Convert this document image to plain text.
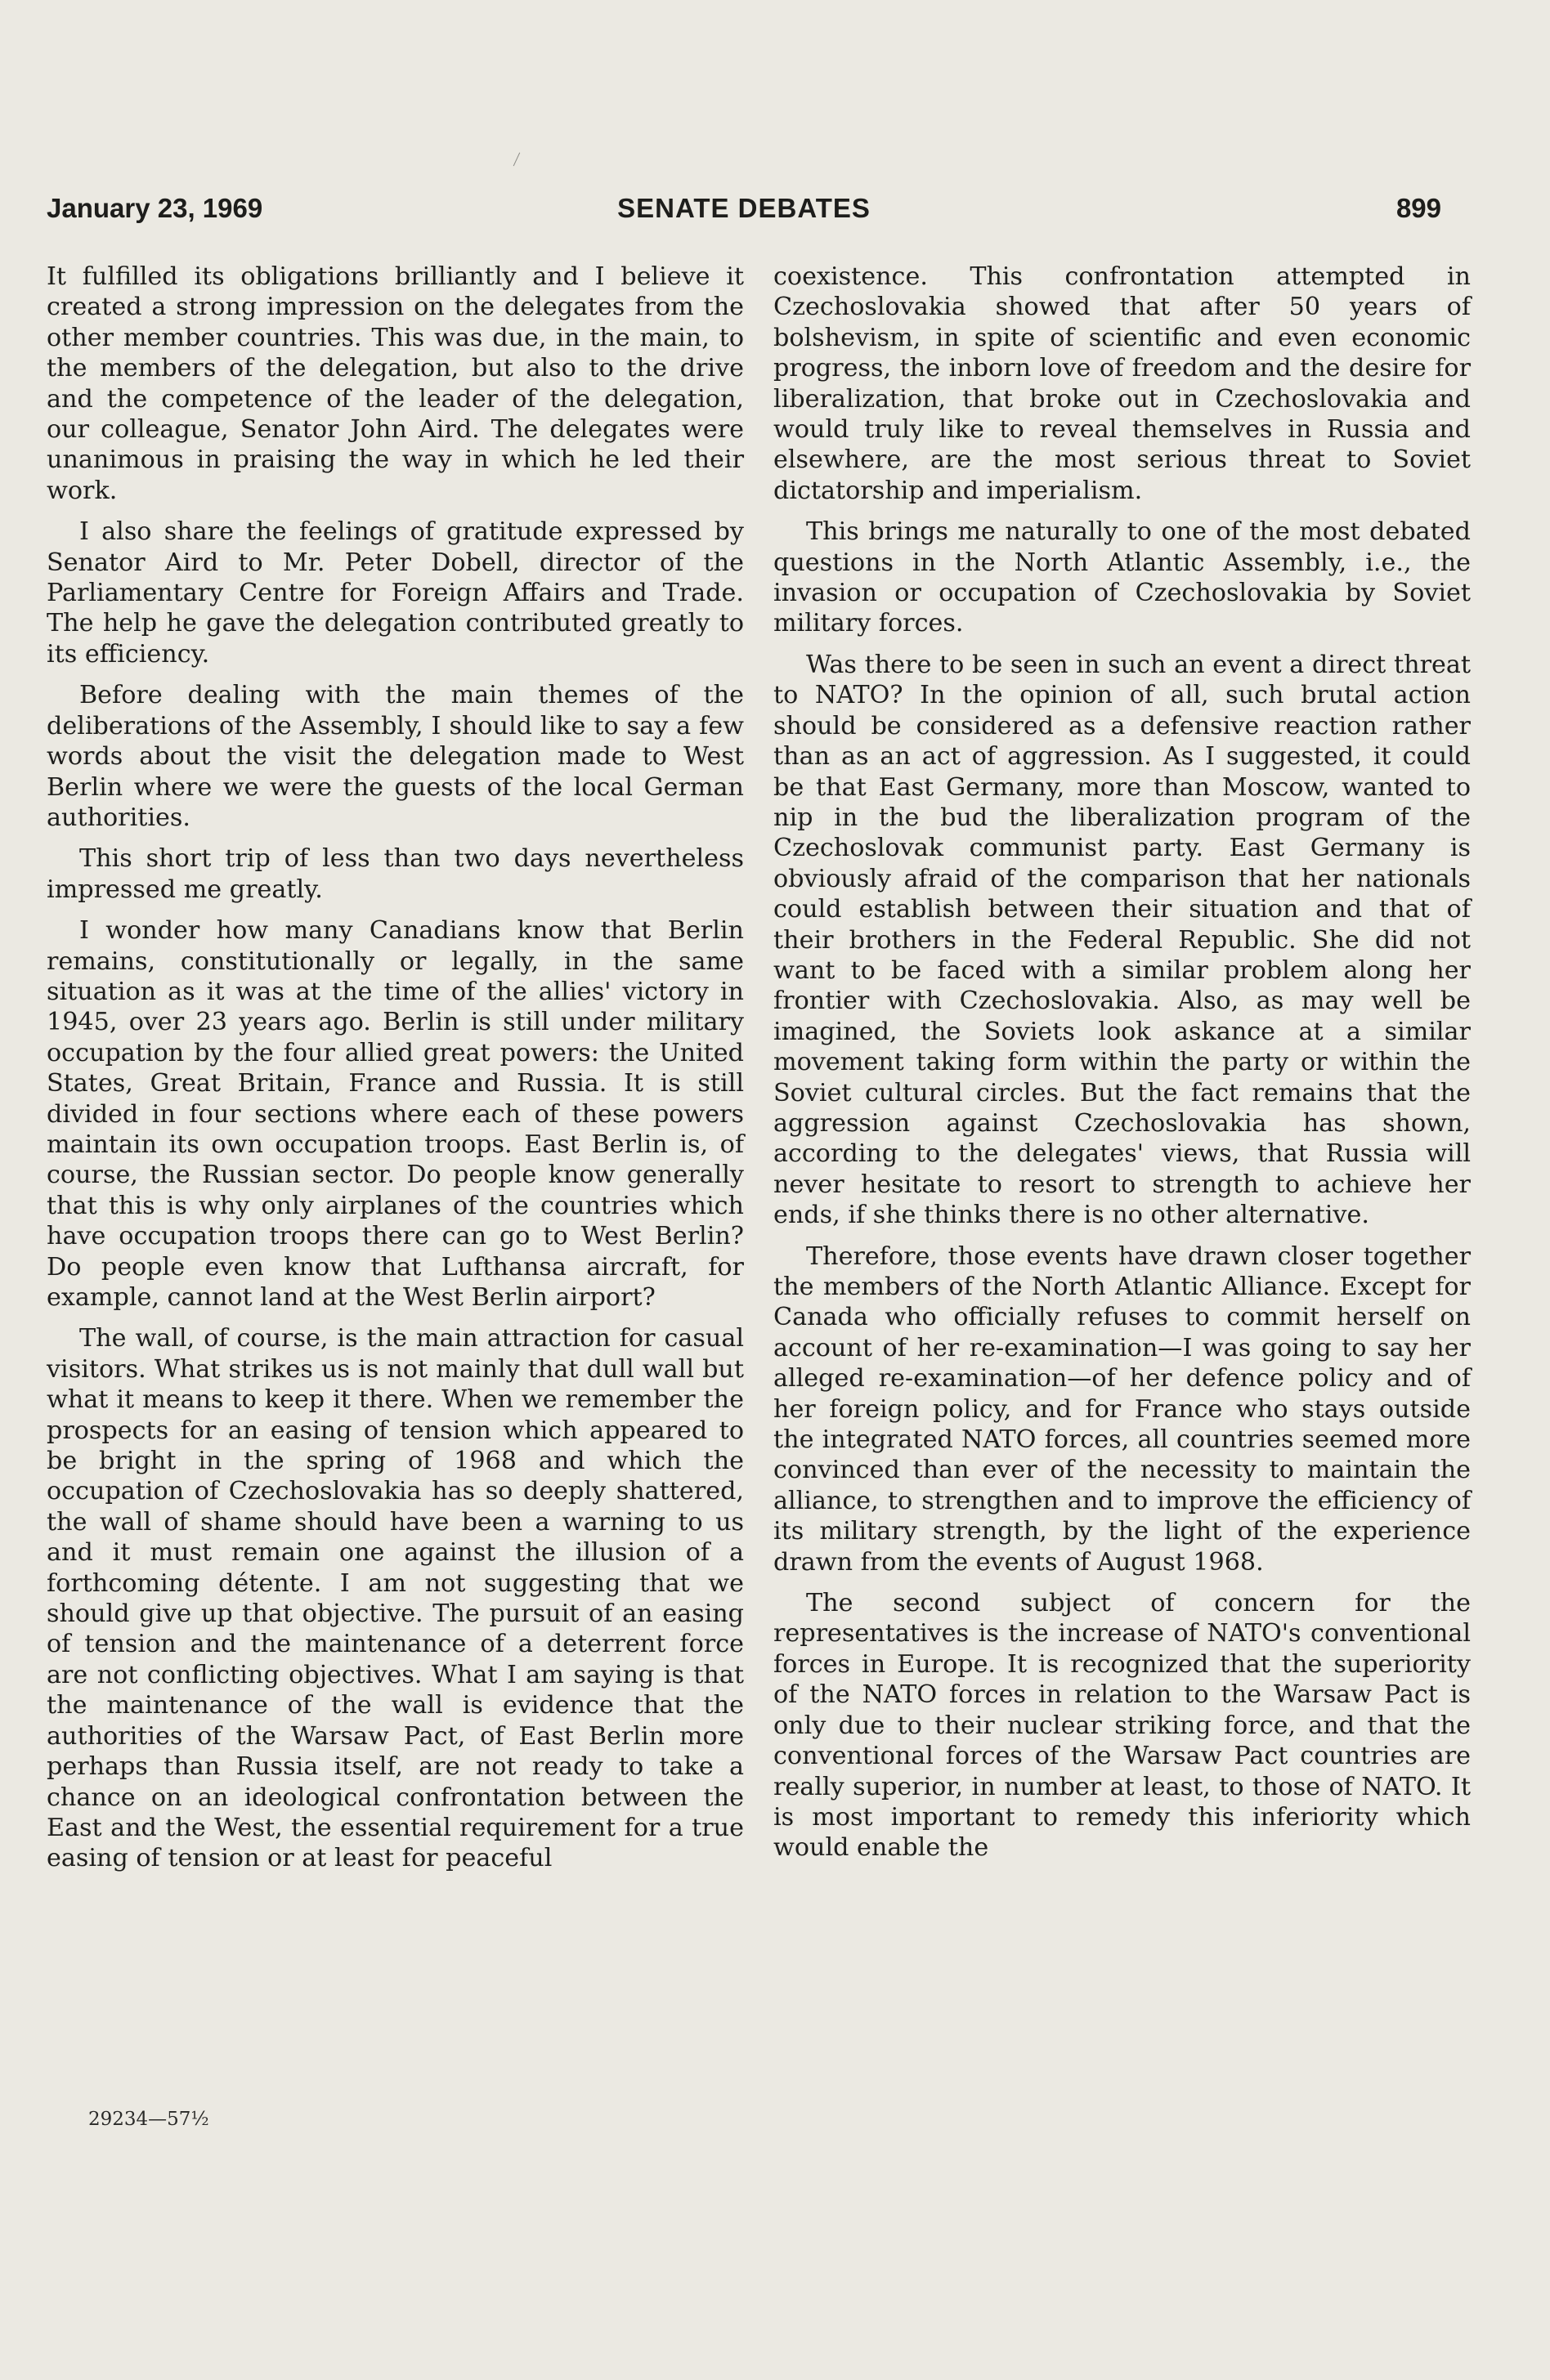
January 23, 1969	SENATE DEBATES	899

It fulfilled its obligations brilliantly and I believe it created a strong impression on the delegates from the other member countries. This was due, in the main, to the members of the delegation, but also to the drive and the competence of the leader of the delegation, our colleague, Senator John Aird. The delegates were unanimous in praising the way in which he led their work.

I also share the feelings of gratitude expressed by Senator Aird to Mr. Peter Dobell, director of the Parliamentary Centre for Foreign Affairs and Trade. The help he gave the delegation contributed greatly to its efficiency.

Before dealing with the main themes of the deliberations of the Assembly, I should like to say a few words about the visit the delegation made to West Berlin where we were the guests of the local German authorities.

This short trip of less than two days nevertheless impressed me greatly.

I wonder how many Canadians know that Berlin remains, constitutionally or legally, in the same situation as it was at the time of the allies' victory in 1945, over 23 years ago. Berlin is still under military occupation by the four allied great powers: the United States, Great Britain, France and Russia. It is still divided in four sections where each of these powers maintain its own occupation troops. East Berlin is, of course, the Russian sector. Do people know generally that this is why only airplanes of the countries which have occupation troops there can go to West Berlin? Do people even know that Lufthansa aircraft, for example, cannot land at the West Berlin airport?

The wall, of course, is the main attraction for casual visitors. What strikes us is not mainly that dull wall but what it means to keep it there. When we remember the prospects for an easing of tension which appeared to be bright in the spring of 1968 and which the occupation of Czechoslovakia has so deeply shattered, the wall of shame should have been a warning to us and it must remain one against the illusion of a forthcoming détente. I am not suggesting that we should give up that objective. The pursuit of an easing of tension and the maintenance of a deterrent force are not conflicting objectives. What I am saying is that the maintenance of the wall is evidence that the authorities of the Warsaw Pact, of East Berlin more perhaps than Russia itself, are not ready to take a chance on an ideological confrontation between the East and the West, the essential requirement for a true easing of tension or at least for peaceful

coexistence. This confrontation attempted in Czechoslovakia showed that after 50 years of bolshevism, in spite of scientific and even economic progress, the inborn love of freedom and the desire for liberalization, that broke out in Czechoslovakia and would truly like to reveal themselves in Russia and elsewhere, are the most serious threat to Soviet dictatorship and imperialism.

This brings me naturally to one of the most debated questions in the North Atlantic Assembly, i.e., the invasion or occupation of Czechoslovakia by Soviet military forces.

Was there to be seen in such an event a direct threat to NATO? In the opinion of all, such brutal action should be considered as a defensive reaction rather than as an act of aggression. As I suggested, it could be that East Germany, more than Moscow, wanted to nip in the bud the liberalization program of the Czechoslovak communist party. East Germany is obviously afraid of the comparison that her nationals could establish between their situation and that of their brothers in the Federal Republic. She did not want to be faced with a similar problem along her frontier with Czechoslovakia. Also, as may well be imagined, the Soviets look askance at a similar movement taking form within the party or within the Soviet cultural circles. But the fact remains that the aggression against Czechoslovakia has shown, according to the delegates' views, that Russia will never hesitate to resort to strength to achieve her ends, if she thinks there is no other alternative.

Therefore, those events have drawn closer together the members of the North Atlantic Alliance. Except for Canada who officially refuses to commit herself on account of her re-examination—I was going to say her alleged re-examination—of her defence policy and of her foreign policy, and for France who stays outside the integrated NATO forces, all countries seemed more convinced than ever of the necessity to maintain the alliance, to strengthen and to improve the efficiency of its military strength, by the light of the experience drawn from the events of August 1968.

The second subject of concern for the representatives is the increase of NATO's conventional forces in Europe. It is recognized that the superiority of the NATO forces in relation to the Warsaw Pact is only due to their nuclear striking force, and that the conventional forces of the Warsaw Pact countries are really superior, in number at least, to those of NATO. It is most important to remedy this inferiority which would enable the

29234—57½
